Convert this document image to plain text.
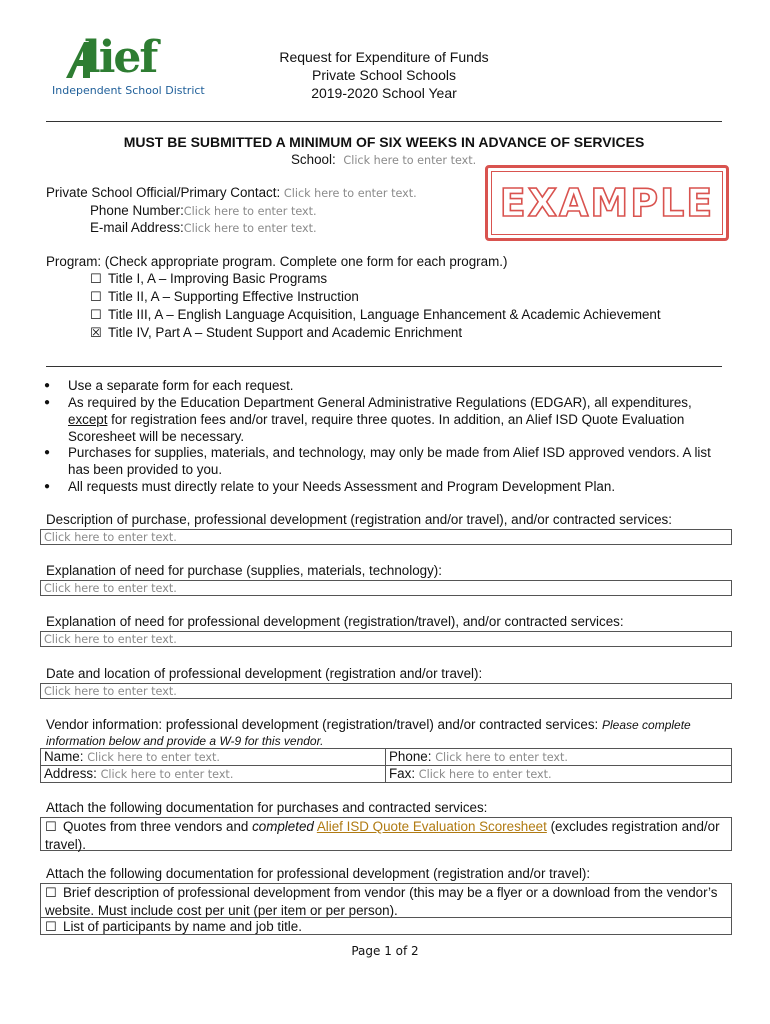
lief
Independent School District
Request for Expenditure of Funds
Private School Schools
2019-2020 School Year
MUST BE SUBMITTED A MINIMUM OF SIX WEEKS IN ADVANCE OF SERVICES
School: Click here to enter text.
Private School Official/Primary Contact: Click here to enter text.
Phone Number:Click here to enter text.
E-mail Address:Click here to enter text.
EXAMPLE
Program: (Check appropriate program. Complete one form for each program.)
☐ Title I, A – Improving Basic Programs
☐ Title II, A – Supporting Effective Instruction
☐ Title III, A – English Language Acquisition, Language Enhancement & Academic Achievement
☒ Title IV, Part A – Student Support and Academic Enrichment
● Use a separate form for each request.
● As required by the Education Department General Administrative Regulations (EDGAR), all expenditures, except for registration fees and/or travel, require three quotes. In addition, an Alief ISD Quote Evaluation Scoresheet will be necessary.
● Purchases for supplies, materials, and technology, may only be made from Alief ISD approved vendors. A list has been provided to you.
● All requests must directly relate to your Needs Assessment and Program Development Plan.
Description of purchase, professional development (registration and/or travel), and/or contracted services:
Click here to enter text.
Explanation of need for purchase (supplies, materials, technology):
Click here to enter text.
Explanation of need for professional development (registration/travel), and/or contracted services:
Click here to enter text.
Date and location of professional development (registration and/or travel):
Click here to enter text.
Vendor information: professional development (registration/travel) and/or contracted services: Please complete information below and provide a W-9 for this vendor.
Name: Click here to enter text.	Phone: Click here to enter text.
Address: Click here to enter text.	Fax: Click here to enter text.
Attach the following documentation for purchases and contracted services:
☐ Quotes from three vendors and completed Alief ISD Quote Evaluation Scoresheet (excludes registration and/or travel).
Attach the following documentation for professional development (registration and/or travel):
☐ Brief description of professional development from vendor (this may be a flyer or a download from the vendor’s website. Must include cost per unit (per item or per person).
☐ List of participants by name and job title.
Page 1 of 2
